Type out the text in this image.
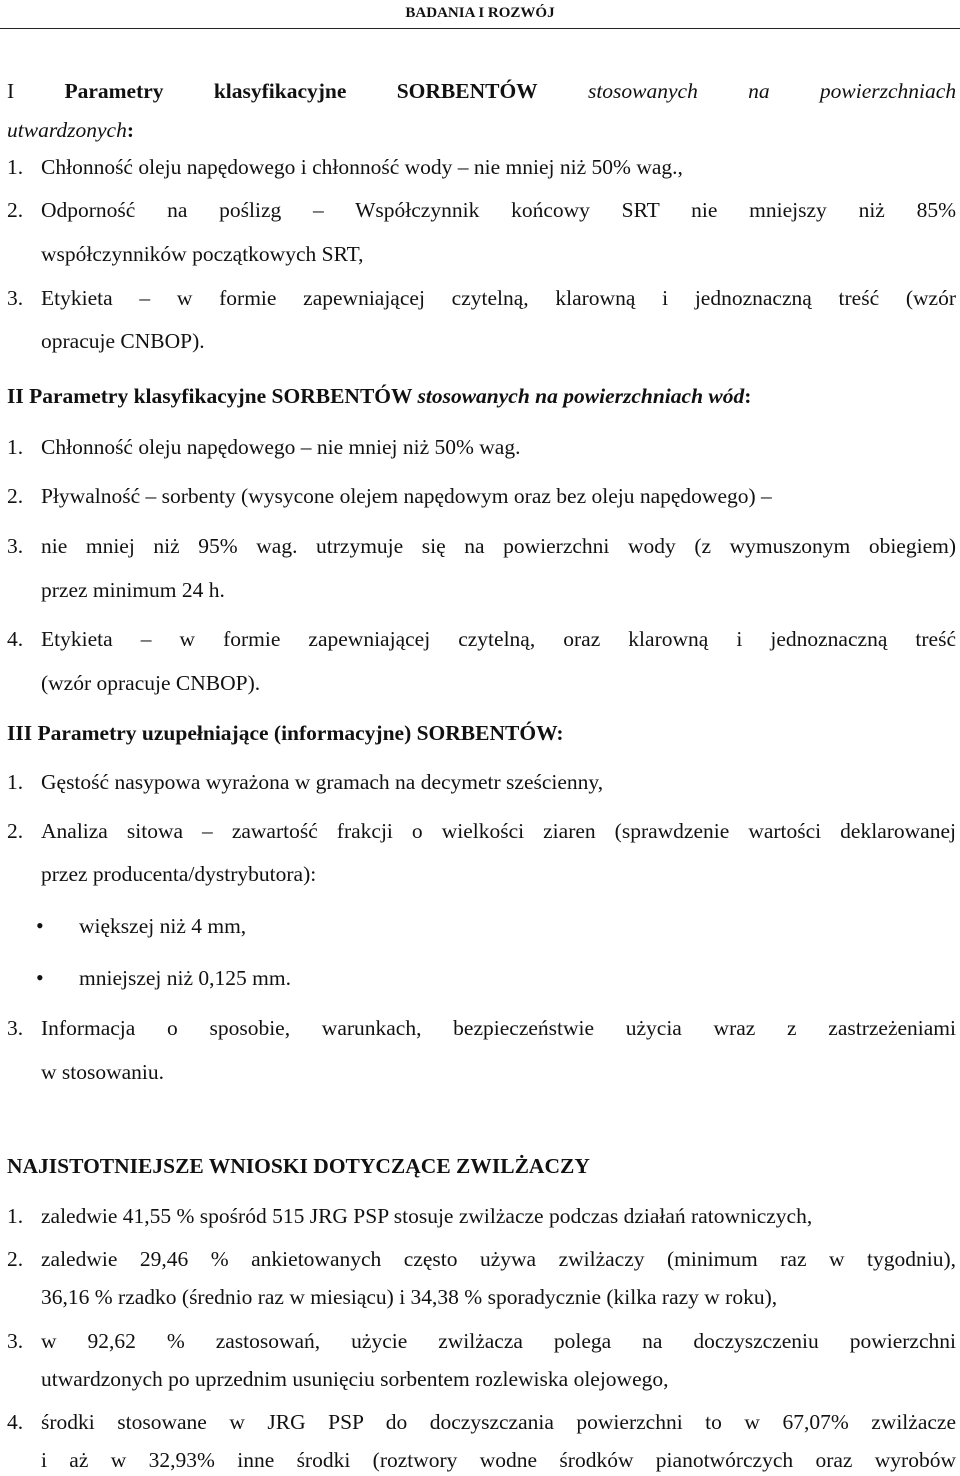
BADANIA I ROZWÓJ
I Parametry klasyfikacyjne SORBENTÓW stosowanych na powierzchniach
utwardzonych:
1. Chłonność oleju napędowego i chłonność wody – nie mniej niż 50% wag.,
2. Odporność na poślizg – Współczynnik końcowy SRT nie mniejszy niż 85%
współczynników początkowych SRT,
3. Etykieta – w formie zapewniającej czytelną, klarowną i jednoznaczną treść (wzór
opracuje CNBOP).
II Parametry klasyfikacyjne SORBENTÓW stosowanych na powierzchniach wód:
1. Chłonność oleju napędowego – nie mniej niż 50% wag.
2. Pływalność – sorbenty (wysycone olejem napędowym oraz bez oleju napędowego) –
3. nie mniej niż 95% wag. utrzymuje się na powierzchni wody (z wymuszonym obiegiem)
przez minimum 24 h.
4. Etykieta – w formie zapewniającej czytelną, oraz klarowną i jednoznaczną treść
(wzór opracuje CNBOP).
III Parametry uzupełniające (informacyjne) SORBENTÓW:
1. Gęstość nasypowa wyrażona w gramach na decymetr sześcienny,
2. Analiza sitowa – zawartość frakcji o wielkości ziaren (sprawdzenie wartości deklarowanej
przez producenta/dystrybutora):
• większej niż 4 mm,
• mniejszej niż 0,125 mm.
3. Informacja o sposobie, warunkach, bezpieczeństwie użycia wraz z zastrzeżeniami
w stosowaniu.
NAJISTOTNIEJSZE WNIOSKI DOTYCZĄCE ZWILŻACZY
1. zaledwie 41,55 % spośród 515 JRG PSP stosuje zwilżacze podczas działań ratowniczych,
2. zaledwie 29,46 % ankietowanych często używa zwilżaczy (minimum raz w tygodniu),
36,16 % rzadko (średnio raz w miesiącu) i 34,38 % sporadycznie (kilka razy w roku),
3. w 92,62 % zastosowań, użycie zwilżacza polega na doczyszczeniu powierzchni
utwardzonych po uprzednim usunięciu sorbentem rozlewiska olejowego,
4. środki stosowane w JRG PSP do doczyszczania powierzchni to w 67,07% zwilżacze
i aż w 32,93% inne środki (roztwory wodne środków pianotwórczych oraz wyrobów
